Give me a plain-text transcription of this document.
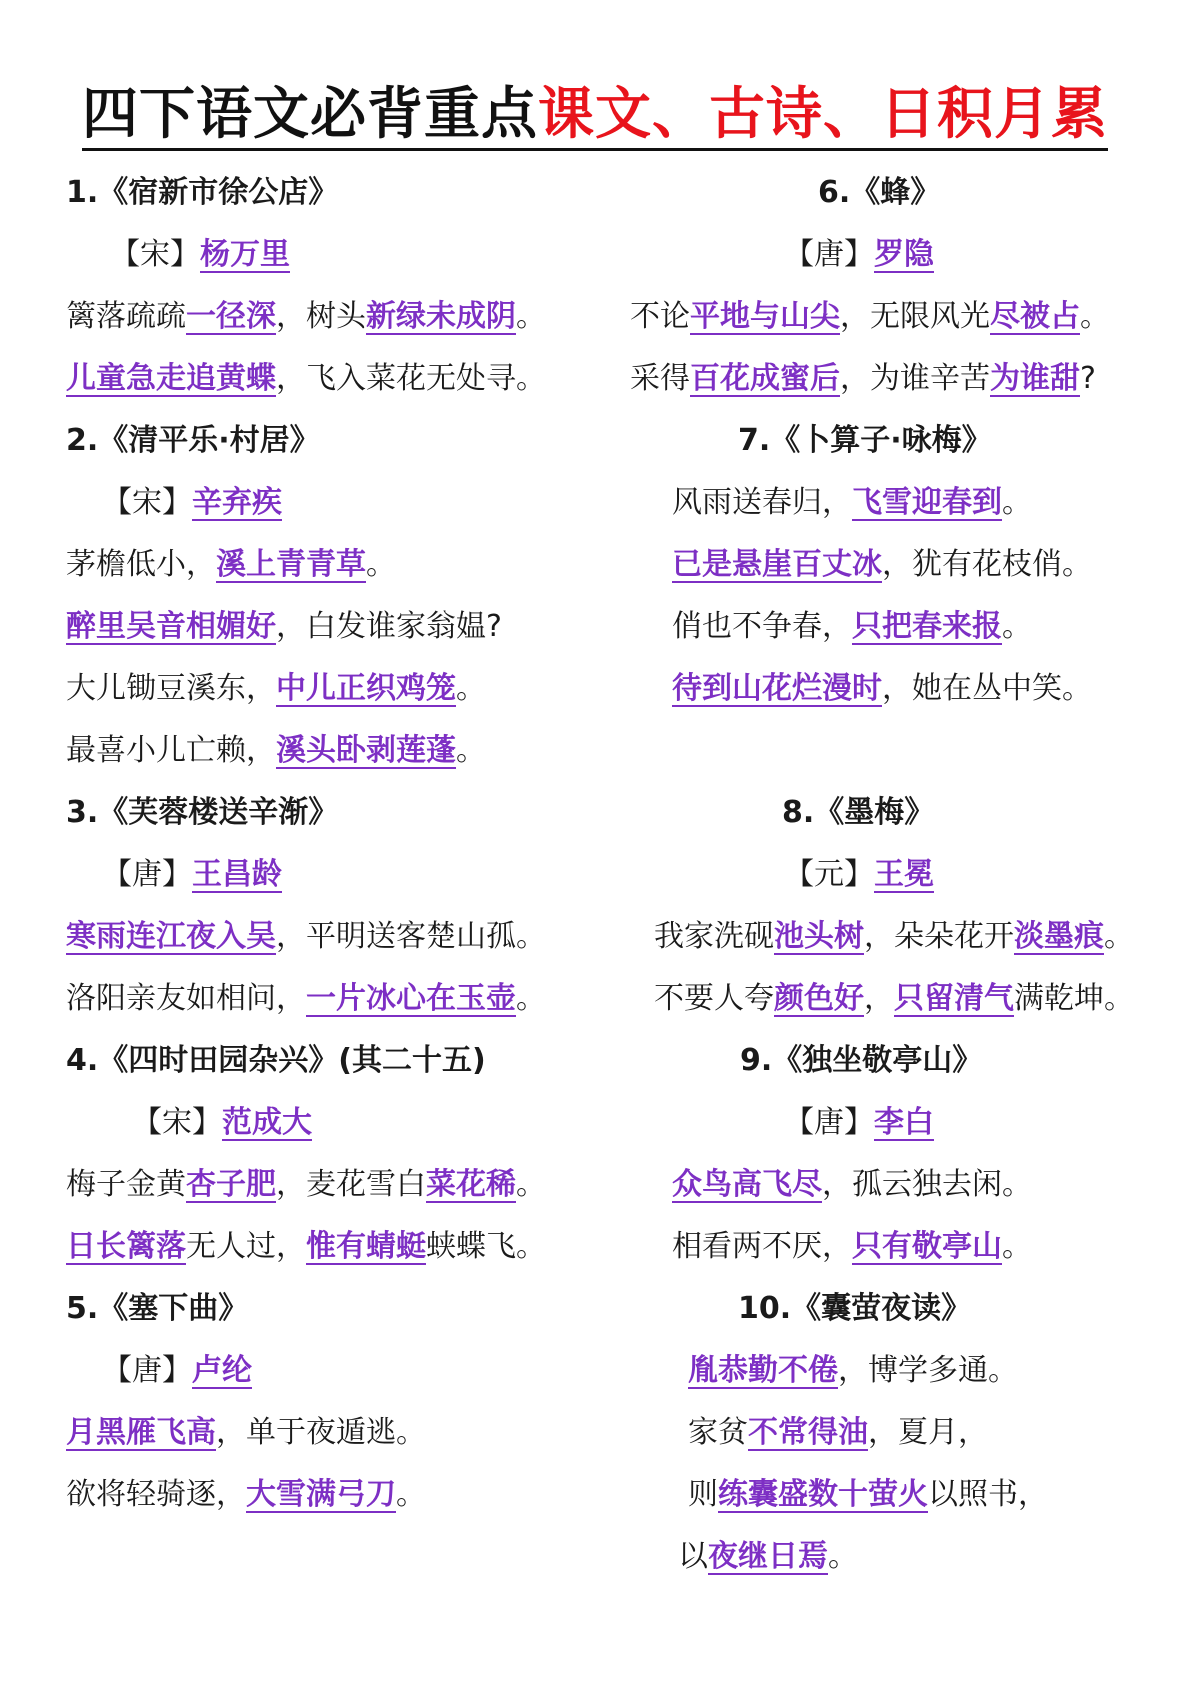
四下语文必背重点课文、古诗、日积月累
1.《宿新市徐公店》
【宋】杨万里
篱落疏疏一径深，树头新绿未成阴。
儿童急走追黄蝶，飞入菜花无处寻。
2.《清平乐·村居》
【宋】辛弃疾
茅檐低小，溪上青青草。
醉里吴音相媚好，白发谁家翁媪?
大儿锄豆溪东，中儿正织鸡笼。
最喜小儿亡赖，溪头卧剥莲蓬。
3.《芙蓉楼送辛渐》
【唐】王昌龄
寒雨连江夜入吴，平明送客楚山孤。
洛阳亲友如相问，一片冰心在玉壶。
4.《四时田园杂兴》(其二十五)
【宋】范成大
梅子金黄杏子肥，麦花雪白菜花稀。
日长篱落无人过，惟有蜻蜓蛱蝶飞。
5.《塞下曲》
【唐】卢纶
月黑雁飞高，单于夜遁逃。
欲将轻骑逐，大雪满弓刀。
6.《蜂》
【唐】罗隐
不论平地与山尖，无限风光尽被占。
采得百花成蜜后，为谁辛苦为谁甜?
7.《卜算子·咏梅》
风雨送春归，飞雪迎春到。
已是悬崖百丈冰，犹有花枝俏。
俏也不争春，只把春来报。
待到山花烂漫时，她在丛中笑。
8.《墨梅》
【元】王冕
我家洗砚池头树，朵朵花开淡墨痕。
不要人夸颜色好，只留清气满乾坤。
9.《独坐敬亭山》
【唐】李白
众鸟高飞尽，孤云独去闲。
相看两不厌，只有敬亭山。
10.《囊萤夜读》
胤恭勤不倦，博学多通。
家贫不常得油，夏月，
则练囊盛数十萤火以照书，
以夜继日焉。
